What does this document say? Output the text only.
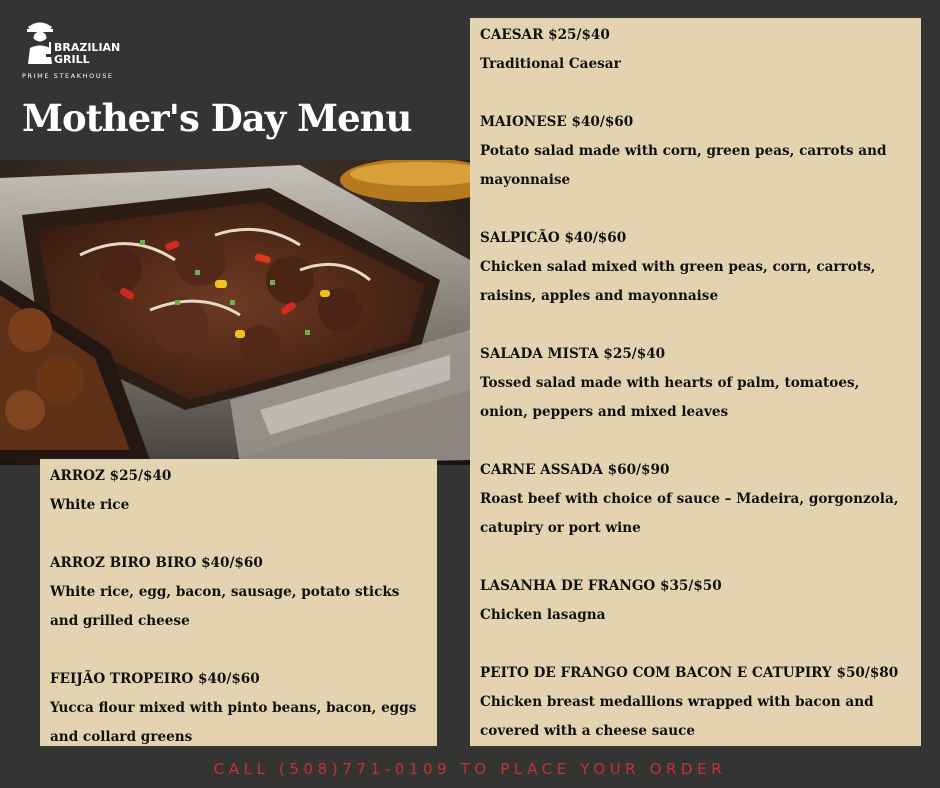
BRAZILIAN
GRILL
PRIME STEAKHOUSE
Mother's Day Menu
ARROZ $25/$40
White rice
ARROZ BIRO BIRO $40/$60
White rice, egg, bacon, sausage, potato sticks and grilled cheese
FEIJÃO TROPEIRO $40/$60
Yucca flour mixed with pinto beans, bacon, eggs and collard greens
CAESAR $25/$40
Traditional Caesar
MAIONESE $40/$60
Potato salad made with corn, green peas, carrots and mayonnaise
SALPICÃO $40/$60
Chicken salad mixed with green peas, corn, carrots, raisins, apples and mayonnaise
SALADA MISTA $25/$40
Tossed salad made with hearts of palm, tomatoes, onion, peppers and mixed leaves
CARNE ASSADA $60/$90
Roast beef with choice of sauce – Madeira, gorgonzola, catupiry or port wine
LASANHA DE FRANGO $35/$50
Chicken lasagna
PEITO DE FRANGO COM BACON E CATUPIRY $50/$80
Chicken breast medallions wrapped with bacon and covered with a cheese sauce
CALL (508)771-0109 TO PLACE YOUR ORDER
